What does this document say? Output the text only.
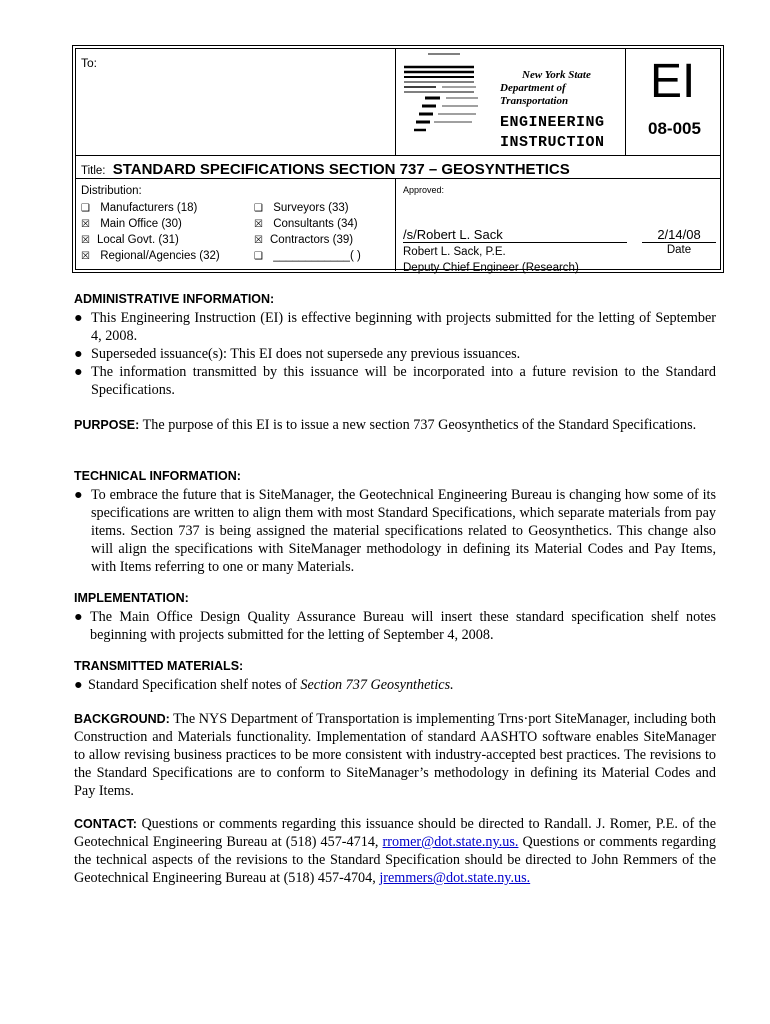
To:
New York State
Department of
Transportation
ENGINEERING
INSTRUCTION
EI
08-005
Title: STANDARD SPECIFICATIONS SECTION 737 – GEOSYNTHETICS
Distribution:
❑ Manufacturers (18)
☒ Main Office (30)
☒ Local Govt. (31)
☒ Regional/Agencies (32)
❑ Surveyors (33)
☒ Consultants (34)
☒ Contractors (39)
❑ ____________( )
Approved:
/s/Robert L. Sack	2/14/08
Robert L. Sack, P.E.
Deputy Chief Engineer (Research)
Date
ADMINISTRATIVE INFORMATION:
● This Engineering Instruction (EI) is effective beginning with projects submitted for the letting of September 4, 2008.
● Superseded issuance(s): This EI does not supersede any previous issuances.
● The information transmitted by this issuance will be incorporated into a future revision to the Standard Specifications.
PURPOSE: The purpose of this EI is to issue a new section 737 Geosynthetics of the Standard Specifications.
TECHNICAL INFORMATION:
● To embrace the future that is SiteManager, the Geotechnical Engineering Bureau is changing how some of its specifications are written to align them with most Standard Specifications, which separate materials from pay items. Section 737 is being assigned the material specifications related to Geosynthetics. This change also will align the specifications with SiteManager methodology in defining its Material Codes and Pay Items, with Items referring to one or many Materials.
IMPLEMENTATION:
● The Main Office Design Quality Assurance Bureau will insert these standard specification shelf notes beginning with projects submitted for the letting of September 4, 2008.
TRANSMITTED MATERIALS:
● Standard Specification shelf notes of Section 737 Geosynthetics.
BACKGROUND: The NYS Department of Transportation is implementing Trns·port SiteManager, including both Construction and Materials functionality. Implementation of standard AASHTO software enables SiteManager to allow revising business practices to be more consistent with industry-accepted best practices. The revisions to the Standard Specifications are to conform to SiteManager’s methodology in defining its Material Codes and Pay Items.
CONTACT: Questions or comments regarding this issuance should be directed to Randall. J. Romer, P.E. of the Geotechnical Engineering Bureau at (518) 457-4714, rromer@dot.state.ny.us. Questions or comments regarding the technical aspects of the revisions to the Standard Specification should be directed to John Remmers of the Geotechnical Engineering Bureau at (518) 457-4704, jremmers@dot.state.ny.us.
